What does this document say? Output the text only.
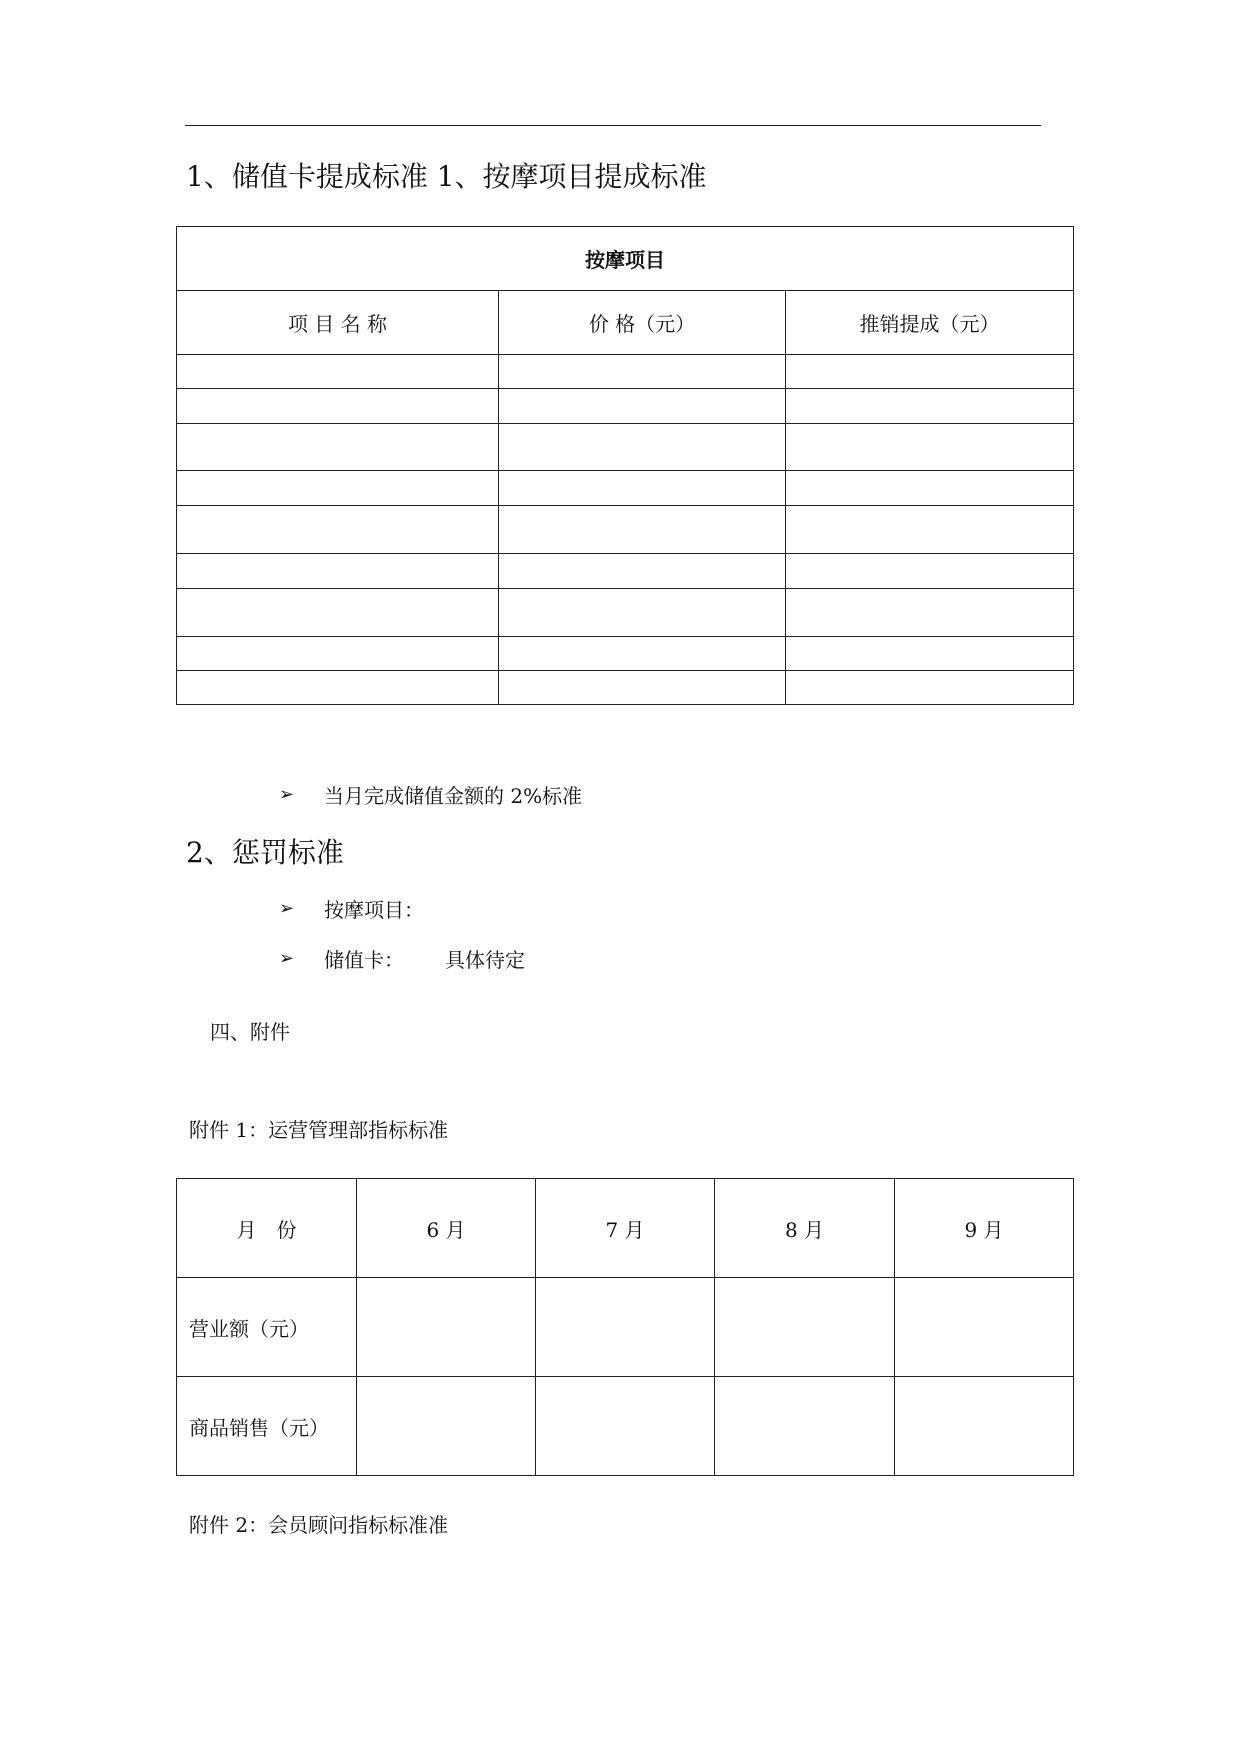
1、储值卡提成标准 1、按摩项目提成标准
按摩项目		
项 目 名 称	价 格（元）	推销提成（元）

➢ 当月完成储值金额的 2%标准
2、惩罚标准
➢ 按摩项目：
➢ 储值卡： 具体待定
四、附件
附件 1：运营管理部指标标准
月　份	6 月	7 月	8 月	9 月
营业额（元）				
商品销售（元）				
附件 2：会员顾问指标标准准
